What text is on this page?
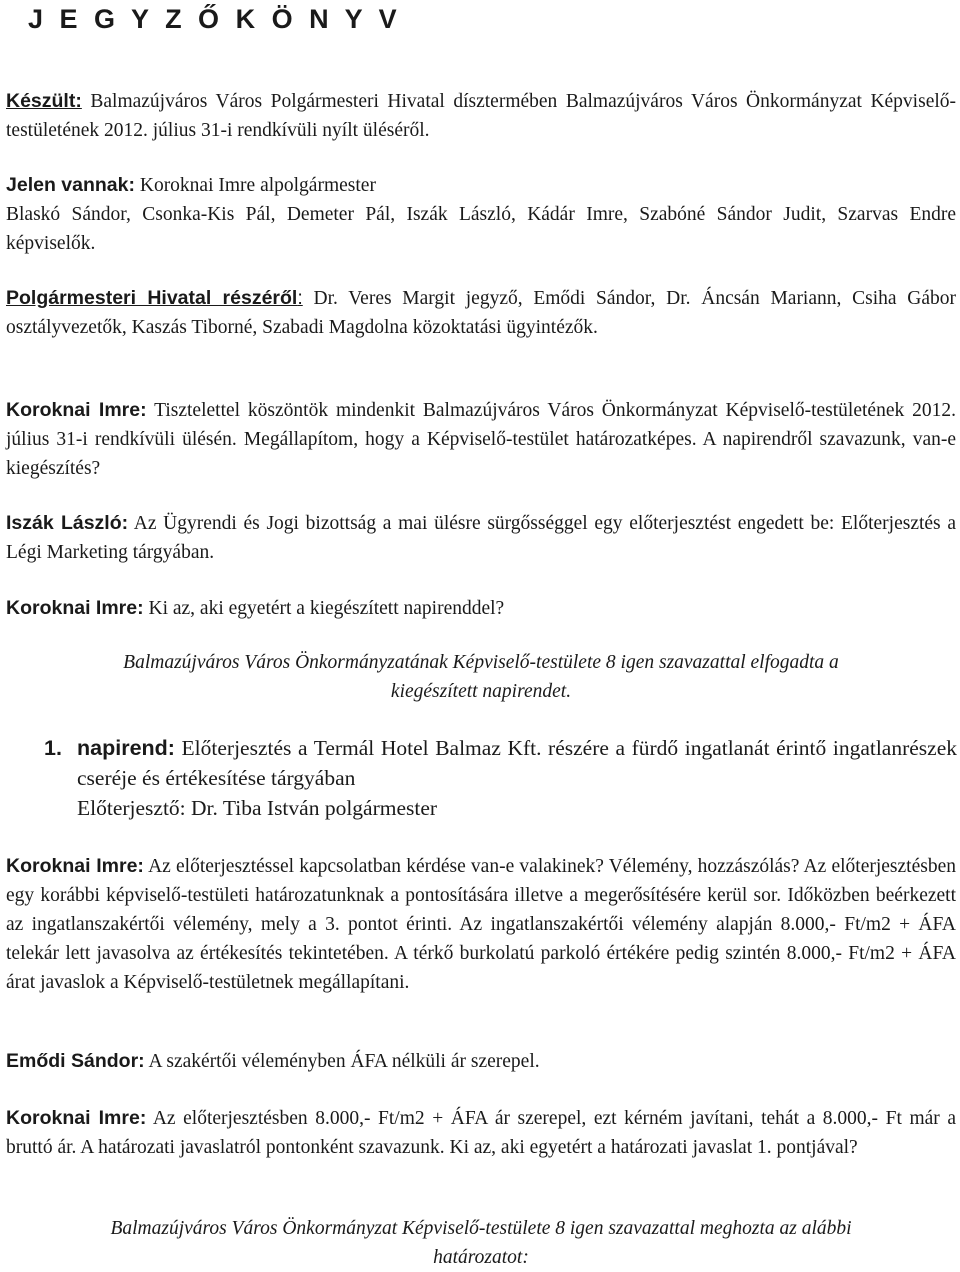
J E G Y Z Ő K Ö N Y V
Készült: Balmazújváros Város Polgármesteri Hivatal dísztermében Balmazújváros Város Önkormányzat Képviselő-testületének 2012. július 31-i rendkívüli nyílt üléséről.
Jelen vannak: Koroknai Imre alpolgármester
Blaskó Sándor, Csonka-Kis Pál, Demeter Pál, Iszák László, Kádár Imre, Szabóné Sándor Judit, Szarvas Endre képviselők.
Polgármesteri Hivatal részéről: Dr. Veres Margit jegyző, Emődi Sándor, Dr. Áncsán Mariann, Csiha Gábor osztályvezetők, Kaszás Tiborné, Szabadi Magdolna közoktatási ügyintézők.
Koroknai Imre: Tisztelettel köszöntök mindenkit Balmazújváros Város Önkormányzat Képviselő-testületének 2012. július 31-i rendkívüli ülésén. Megállapítom, hogy a Képviselő-testület határozatképes. A napirendről szavazunk, van-e kiegészítés?
Iszák László: Az Ügyrendi és Jogi bizottság a mai ülésre sürgősséggel egy előterjesztést engedett be: Előterjesztés a Légi Marketing tárgyában.
Koroknai Imre: Ki az, aki egyetért a kiegészített napirenddel?
Balmazújváros Város Önkormányzatának Képviselő-testülete 8 igen szavazattal elfogadta a
kiegészített napirendet.
1. napirend: Előterjesztés a Termál Hotel Balmaz Kft. részére a fürdő ingatlanát érintő ingatlanrészek cseréje és értékesítése tárgyában
Előterjesztő: Dr. Tiba István polgármester
Koroknai Imre: Az előterjesztéssel kapcsolatban kérdése van-e valakinek? Vélemény, hozzászólás? Az előterjesztésben egy korábbi képviselő-testületi határozatunknak a pontosítására illetve a megerősítésére kerül sor. Időközben beérkezett az ingatlanszakértői vélemény, mely a 3. pontot érinti. Az ingatlanszakértői vélemény alapján 8.000,- Ft/m2 + ÁFA telekár lett javasolva az értékesítés tekintetében. A térkő burkolatú parkoló értékére pedig szintén 8.000,- Ft/m2 + ÁFA árat javaslok a Képviselő-testületnek megállapítani.
Emődi Sándor: A szakértői véleményben ÁFA nélküli ár szerepel.
Koroknai Imre: Az előterjesztésben 8.000,- Ft/m2 + ÁFA ár szerepel, ezt kérném javítani, tehát a 8.000,- Ft már a bruttó ár. A határozati javaslatról pontonként szavazunk. Ki az, aki egyetért a határozati javaslat 1. pontjával?
Balmazújváros Város Önkormányzat Képviselő-testülete 8 igen szavazattal meghozta az alábbi
határozatot:
